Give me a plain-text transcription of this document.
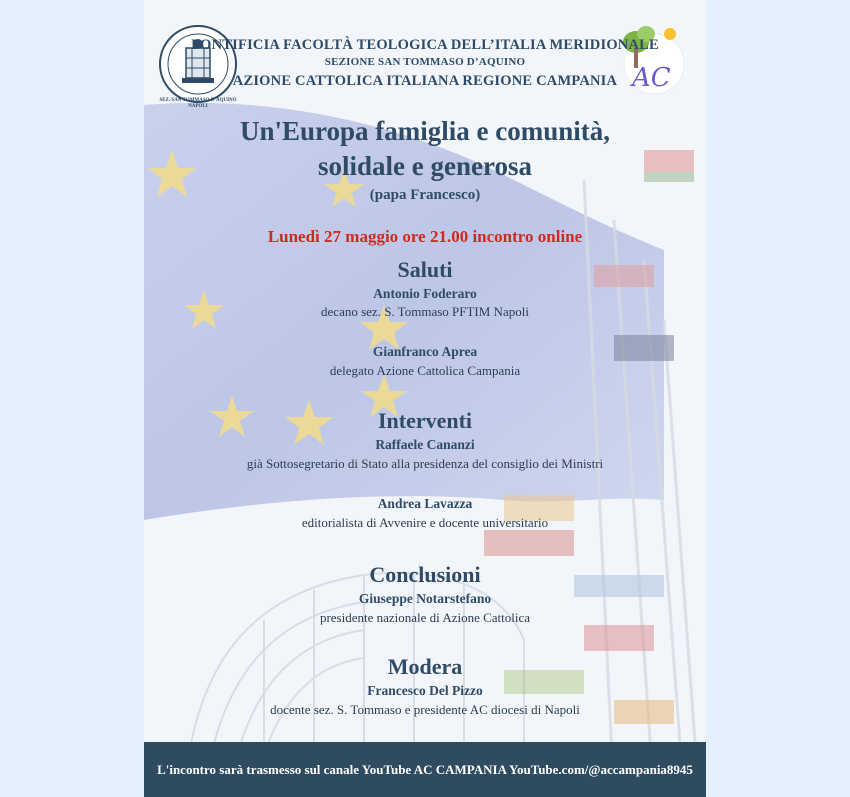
SEZ. SAN TOMMASO D’AQUINO
NAPOLI
AC
PONTIFICIA FACOLTÀ TEOLOGICA DELL’ITALIA MERIDIONALE
SEZIONE SAN TOMMASO D’AQUINO
AZIONE CATTOLICA ITALIANA REGIONE CAMPANIA
Un'Europa famiglia e comunità,
solidale e generosa
(papa Francesco)
Lunedì 27 maggio ore 21.00 incontro online
Saluti
Antonio Foderaro
decano sez. S. Tommaso PFTIM Napoli
Gianfranco Aprea
delegato Azione Cattolica Campania
Interventi
Raffaele Cananzi
già Sottosegretario di Stato alla presidenza del consiglio dei Ministri
Andrea Lavazza
editorialista di Avvenire e docente universitario
Conclusioni
Giuseppe Notarstefano
presidente nazionale di Azione Cattolica
Modera
Francesco Del Pizzo
docente sez. S. Tommaso e presidente AC diocesi di Napoli
L'incontro sarà trasmesso sul canale YouTube AC CAMPANIA YouTube.com/@accampania8945
